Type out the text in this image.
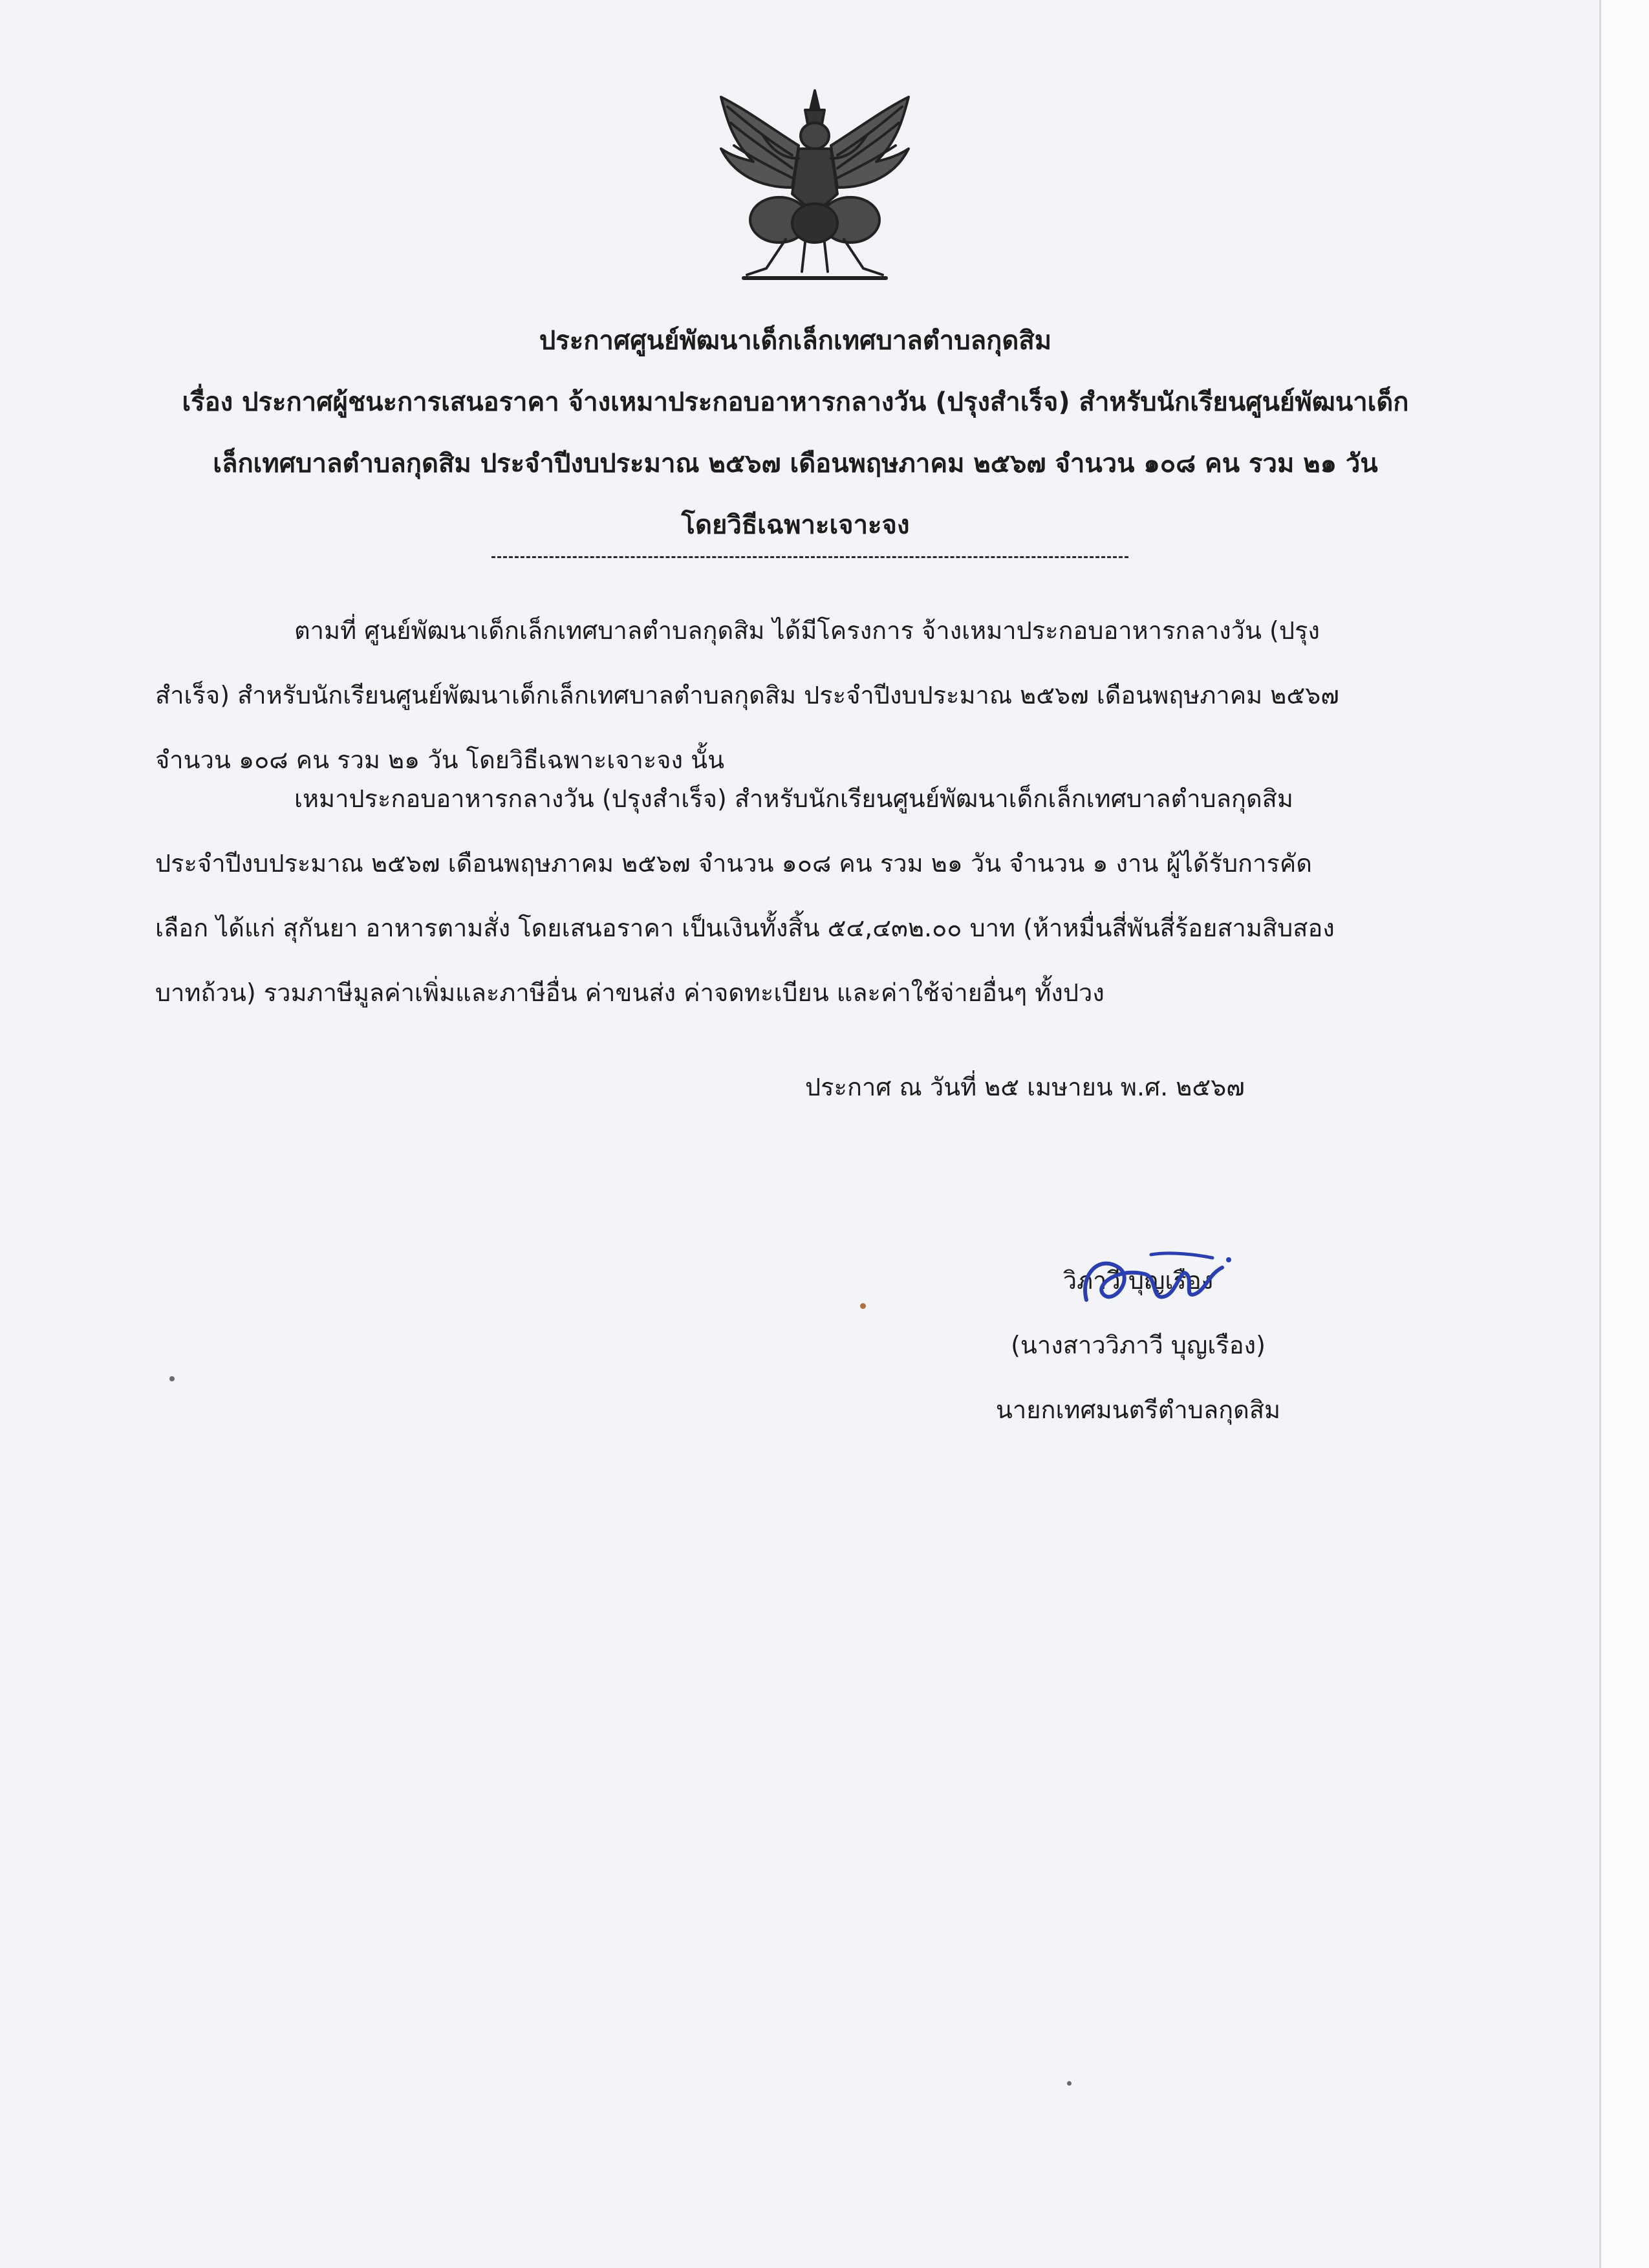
ประกาศศูนย์พัฒนาเด็กเล็กเทศบาลตำบลกุดสิม
เรื่อง ประกาศผู้ชนะการเสนอราคา จ้างเหมาประกอบอาหารกลางวัน (ปรุงสำเร็จ) สำหรับนักเรียนศูนย์พัฒนาเด็ก
เล็กเทศบาลตำบลกุดสิม ประจำปีงบประมาณ ๒๕๖๗ เดือนพฤษภาคม ๒๕๖๗ จำนวน ๑๐๘ คน รวม ๒๑ วัน
โดยวิธีเฉพาะเจาะจง
ตามที่ ศูนย์พัฒนาเด็กเล็กเทศบาลตำบลกุดสิม ได้มีโครงการ จ้างเหมาประกอบอาหารกลางวัน (ปรุง
สำเร็จ) สำหรับนักเรียนศูนย์พัฒนาเด็กเล็กเทศบาลตำบลกุดสิม ประจำปีงบประมาณ ๒๕๖๗ เดือนพฤษภาคม ๒๕๖๗
จำนวน ๑๐๘ คน รวม ๒๑ วัน โดยวิธีเฉพาะเจาะจง นั้น
เหมาประกอบอาหารกลางวัน (ปรุงสำเร็จ) สำหรับนักเรียนศูนย์พัฒนาเด็กเล็กเทศบาลตำบลกุดสิม
ประจำปีงบประมาณ ๒๕๖๗ เดือนพฤษภาคม ๒๕๖๗ จำนวน ๑๐๘ คน รวม ๒๑ วัน จำนวน ๑ งาน ผู้ได้รับการคัด
เลือก ได้แก่ สุกันยา อาหารตามสั่ง โดยเสนอราคา เป็นเงินทั้งสิ้น ๕๔,๔๓๒.๐๐ บาท (ห้าหมื่นสี่พันสี่ร้อยสามสิบสอง
บาทถ้วน) รวมภาษีมูลค่าเพิ่มและภาษีอื่น ค่าขนส่ง ค่าจดทะเบียน และค่าใช้จ่ายอื่นๆ ทั้งปวง
ประกาศ ณ วันที่ ๒๕ เมษายน พ.ศ. ๒๕๖๗
วิภาวี บุญเรือง
(นางสาววิภาวี บุญเรือง)
นายกเทศมนตรีตำบลกุดสิม
